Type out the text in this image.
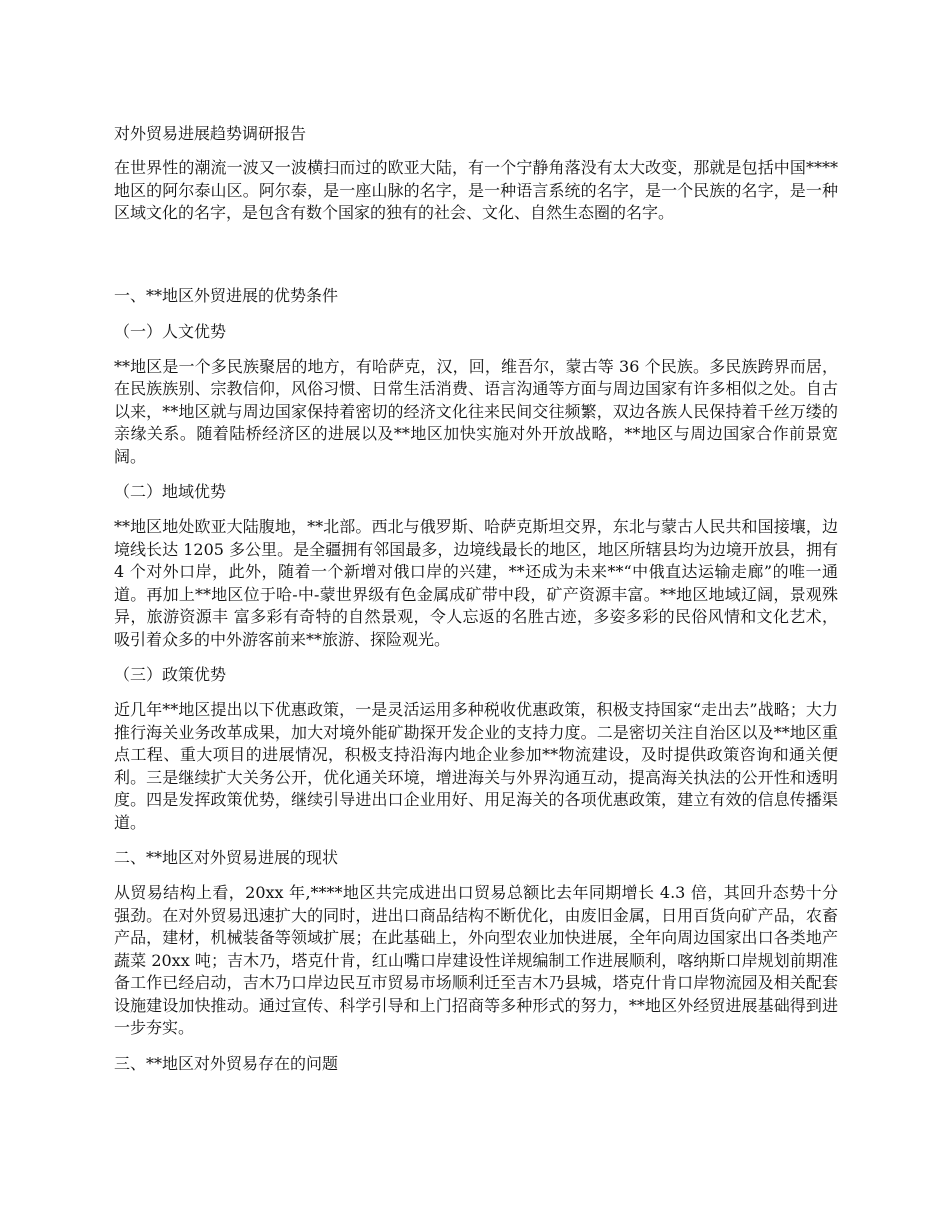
对外贸易进展趋势调研报告

在世界性的潮流一波又一波横扫而过的欧亚大陆，有一个宁静角落没有太大改变，那就是包括中国****地区的阿尔泰山区。阿尔泰，是一座山脉的名字，是一种语言系统的名字，是一个民族的名字，是一种区域文化的名字，是包含有数个国家的独有的社会、文化、自然生态圈的名字。

一、**地区外贸进展的优势条件

（一）人文优势

**地区是一个多民族聚居的地方，有哈萨克，汉，回，维吾尔，蒙古等 36 个民族。多民族跨界而居，在民族族别、宗教信仰，风俗习惯、日常生活消费、语言沟通等方面与周边国家有许多相似之处。自古以来，**地区就与周边国家保持着密切的经济文化往来民间交往频繁，双边各族人民保持着千丝万缕的亲缘关系。随着陆桥经济区的进展以及**地区加快实施对外开放战略，**地区与周边国家合作前景宽阔。

（二）地域优势

**地区地处欧亚大陆腹地，**北部。西北与俄罗斯、哈萨克斯坦交界，东北与蒙古人民共和国接壤，边境线长达 1205 多公里。是全疆拥有邻国最多，边境线最长的地区，地区所辖县均为边境开放县，拥有 4 个对外口岸，此外，随着一个新增对俄口岸的兴建，**还成为未来**“中俄直达运输走廊”的唯一通道。再加上**地区位于哈-中-蒙世界级有色金属成矿带中段，矿产资源丰富。**地区地域辽阔，景观殊异，旅游资源丰 富多彩有奇特的自然景观，令人忘返的名胜古迹，多姿多彩的民俗风情和文化艺术，吸引着众多的中外游客前来**旅游、探险观光。

（三）政策优势

近几年**地区提出以下优惠政策，一是灵活运用多种税收优惠政策，积极支持国家“走出去”战略；大力推行海关业务改革成果，加大对境外能矿勘探开发企业的支持力度。二是密切关注自治区以及**地区重点工程、重大项目的进展情况，积极支持沿海内地企业参加**物流建设，及时提供政策咨询和通关便利。三是继续扩大关务公开，优化通关环境，增进海关与外界沟通互动，提高海关执法的公开性和透明度。四是发挥政策优势，继续引导进出口企业用好、用足海关的各项优惠政策，建立有效的信息传播渠道。

二、**地区对外贸易进展的现状

从贸易结构上看，20xx 年,****地区共完成进出口贸易总额比去年同期增长 4.3 倍，其回升态势十分强劲。在对外贸易迅速扩大的同时，进出口商品结构不断优化，由废旧金属，日用百货向矿产品，农畜产品，建材，机械装备等领域扩展；在此基础上，外向型农业加快进展，全年向周边国家出口各类地产蔬菜 20xx 吨；吉木乃，塔克什肯，红山嘴口岸建设性详规编制工作进展顺利，喀纳斯口岸规划前期准备工作已经启动，吉木乃口岸边民互市贸易市场顺利迁至吉木乃县城，塔克什肯口岸物流园及相关配套设施建设加快推动。通过宣传、科学引导和上门招商等多种形式的努力，**地区外经贸进展基础得到进一步夯实。

三、**地区对外贸易存在的问题
